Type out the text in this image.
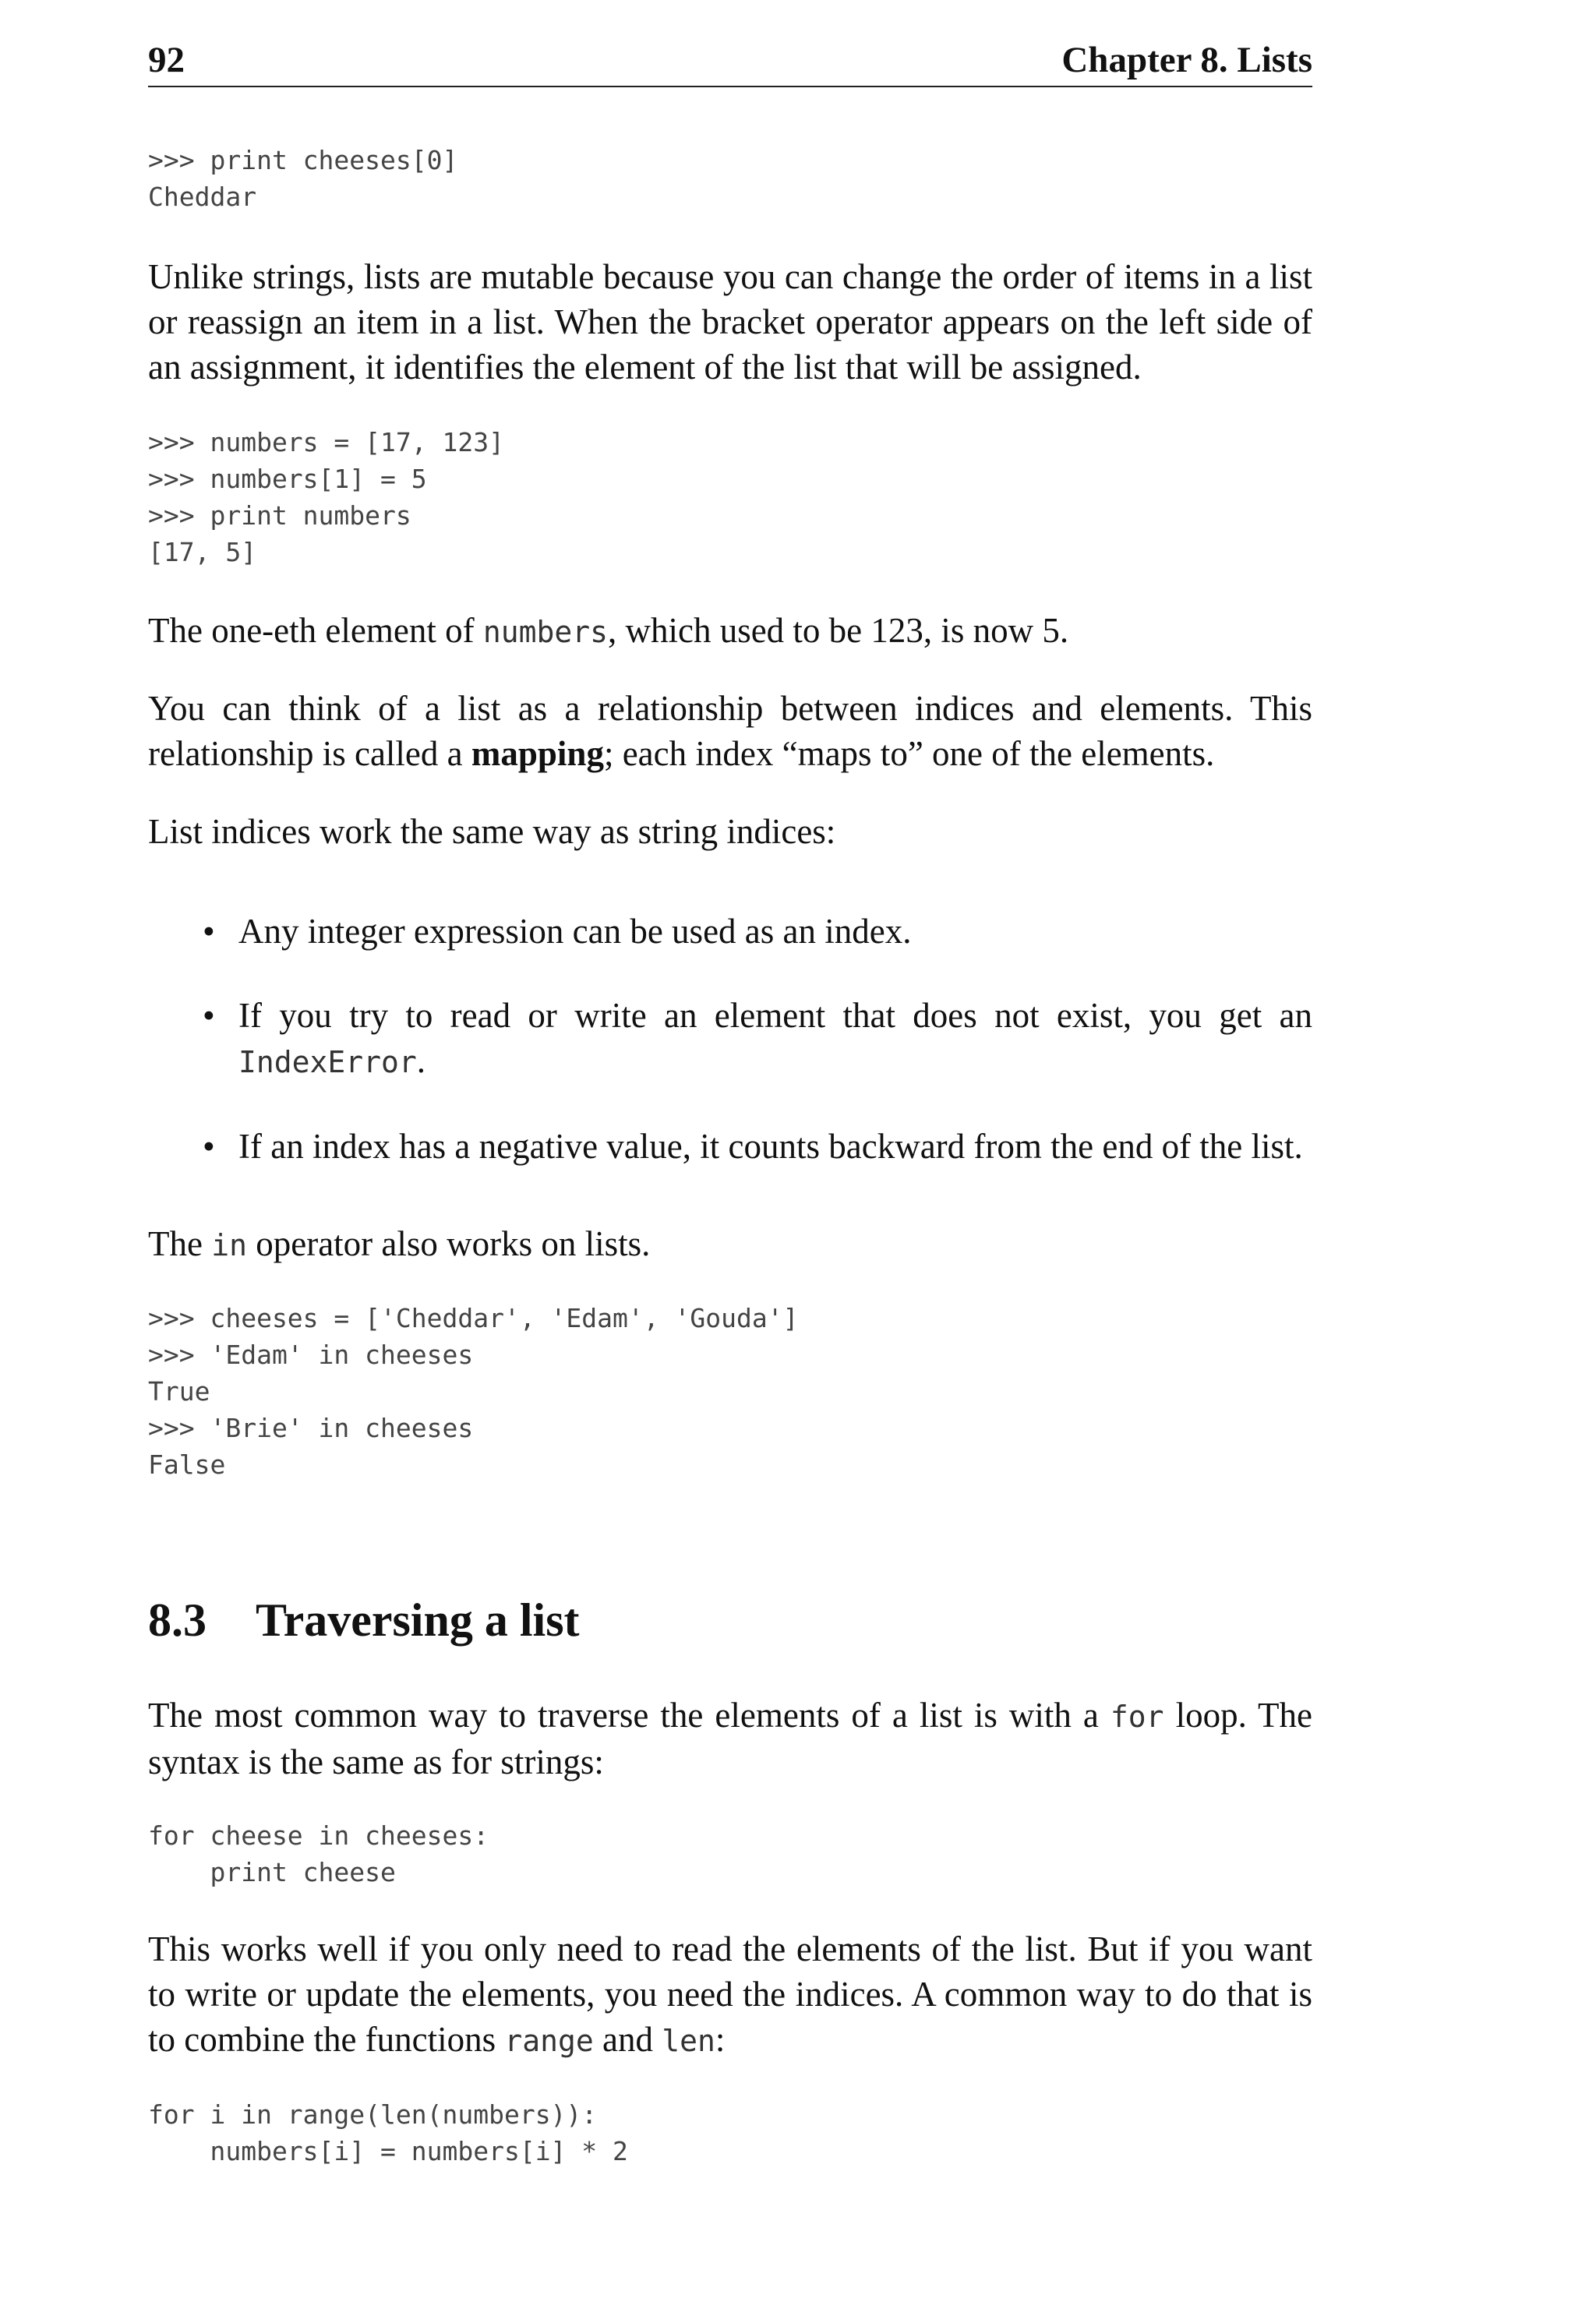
92	Chapter 8. Lists
>>> print cheeses[0]
Cheddar

Unlike strings, lists are mutable because you can change the order of items in a list or reassign an item in a list. When the bracket operator appears on the left side of an assignment, it identifies the element of the list that will be assigned.

>>> numbers = [17, 123]
>>> numbers[1] = 5
>>> print numbers
[17, 5]

The one-eth element of numbers, which used to be 123, is now 5.

You can think of a list as a relationship between indices and elements. This relationship is called a mapping; each index “maps to” one of the elements.

List indices work the same way as string indices:

• Any integer expression can be used as an index.
• If you try to read or write an element that does not exist, you get an IndexError.
• If an index has a negative value, it counts backward from the end of the list.

The in operator also works on lists.

>>> cheeses = ['Cheddar', 'Edam', 'Gouda']
>>> 'Edam' in cheeses
True
>>> 'Brie' in cheeses
False
8.3 Traversing a list

The most common way to traverse the elements of a list is with a for loop. The syntax is the same as for strings:

for cheese in cheeses:
print cheese

This works well if you only need to read the elements of the list. But if you want to write or update the elements, you need the indices. A common way to do that is to combine the functions range and len:

for i in range(len(numbers)):
numbers[i] = numbers[i] * 2
